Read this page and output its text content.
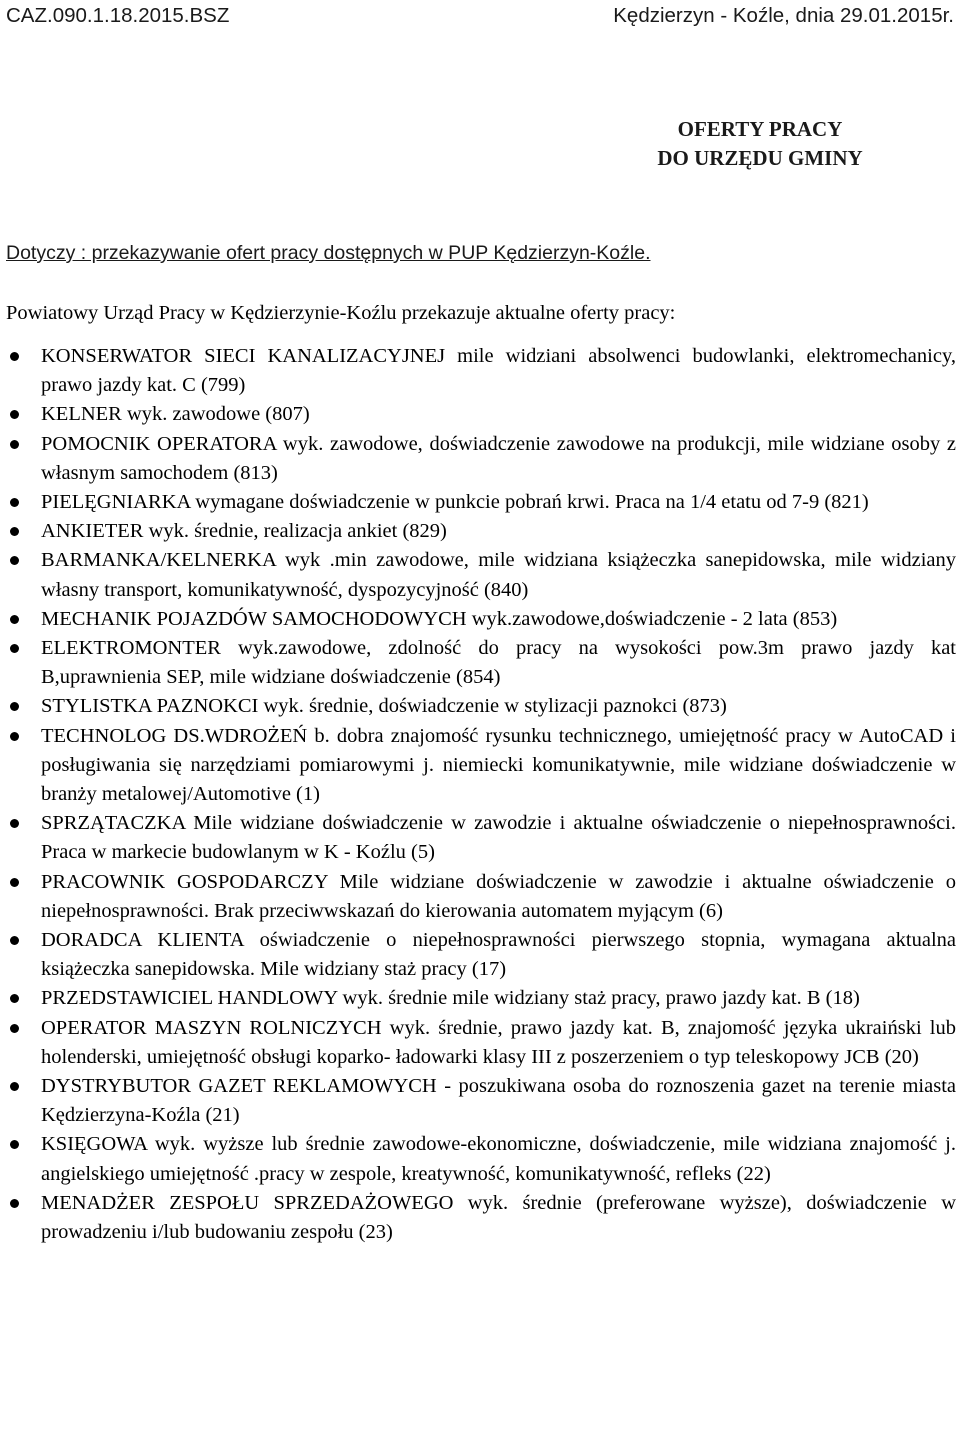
CAZ.090.1.18.2015.BSZ	Kędzierzyn - Koźle, dnia 29.01.2015r.
OFERTY PRACY
DO URZĘDU GMINY
Dotyczy : przekazywanie ofert pracy dostępnych w PUP Kędzierzyn-Koźle.
Powiatowy Urząd Pracy w Kędzierzynie-Koźlu przekazuje aktualne oferty pracy:
KONSERWATOR SIECI KANALIZACYJNEJ mile widziani absolwenci budowlanki, elektromechanicy, prawo jazdy kat. C (799)
KELNER wyk. zawodowe (807)
POMOCNIK OPERATORA wyk. zawodowe, doświadczenie zawodowe na produkcji, mile widziane osoby z własnym samochodem (813)
PIELĘGNIARKA wymagane doświadczenie w punkcie pobrań krwi. Praca na 1/4 etatu od 7-9 (821)
ANKIETER wyk. średnie, realizacja ankiet (829)
BARMANKA/KELNERKA wyk .min zawodowe, mile widziana książeczka sanepidowska, mile widziany własny transport, komunikatywność, dyspozycyjność (840)
MECHANIK POJAZDÓW SAMOCHODOWYCH wyk.zawodowe,doświadczenie - 2 lata (853)
ELEKTROMONTER wyk.zawodowe, zdolność do pracy na wysokości pow.3m prawo jazdy kat B,uprawnienia SEP, mile widziane doświadczenie (854)
STYLISTKA PAZNOKCI wyk. średnie, doświadczenie w stylizacji paznokci (873)
TECHNOLOG DS.WDROŻEŃ b. dobra znajomość rysunku technicznego, umiejętność pracy w AutoCAD i posługiwania się narzędziami pomiarowymi j. niemiecki komunikatywnie, mile widziane doświadczenie w branży metalowej/Automotive (1)
SPRZĄTACZKA Mile widziane doświadczenie w zawodzie i aktualne oświadczenie o niepełnosprawności. Praca w markecie budowlanym w K - Koźlu (5)
PRACOWNIK GOSPODARCZY Mile widziane doświadczenie w zawodzie i aktualne oświadczenie o niepełnosprawności. Brak przeciwwskazań do kierowania automatem myjącym (6)
DORADCA KLIENTA oświadczenie o niepełnosprawności pierwszego stopnia, wymagana aktualna książeczka sanepidowska. Mile widziany staż pracy (17)
PRZEDSTAWICIEL HANDLOWY wyk. średnie mile widziany staż pracy, prawo jazdy kat. B (18)
OPERATOR MASZYN ROLNICZYCH wyk. średnie, prawo jazdy kat. B, znajomość języka ukraiński lub holenderski, umiejętność obsługi koparko- ładowarki klasy III z poszerzeniem o typ teleskopowy JCB (20)
DYSTRYBUTOR GAZET REKLAMOWYCH - poszukiwana osoba do roznoszenia gazet na terenie miasta Kędzierzyna-Koźla (21)
KSIĘGOWA wyk. wyższe lub średnie zawodowe-ekonomiczne, doświadczenie, mile widziana znajomość j. angielskiego umiejętność .pracy w zespole, kreatywność, komunikatywność, refleks (22)
MENADŻER ZESPOŁU SPRZEDAŻOWEGO wyk. średnie (preferowane wyższe), doświadczenie w prowadzeniu i/lub budowaniu zespołu (23)
